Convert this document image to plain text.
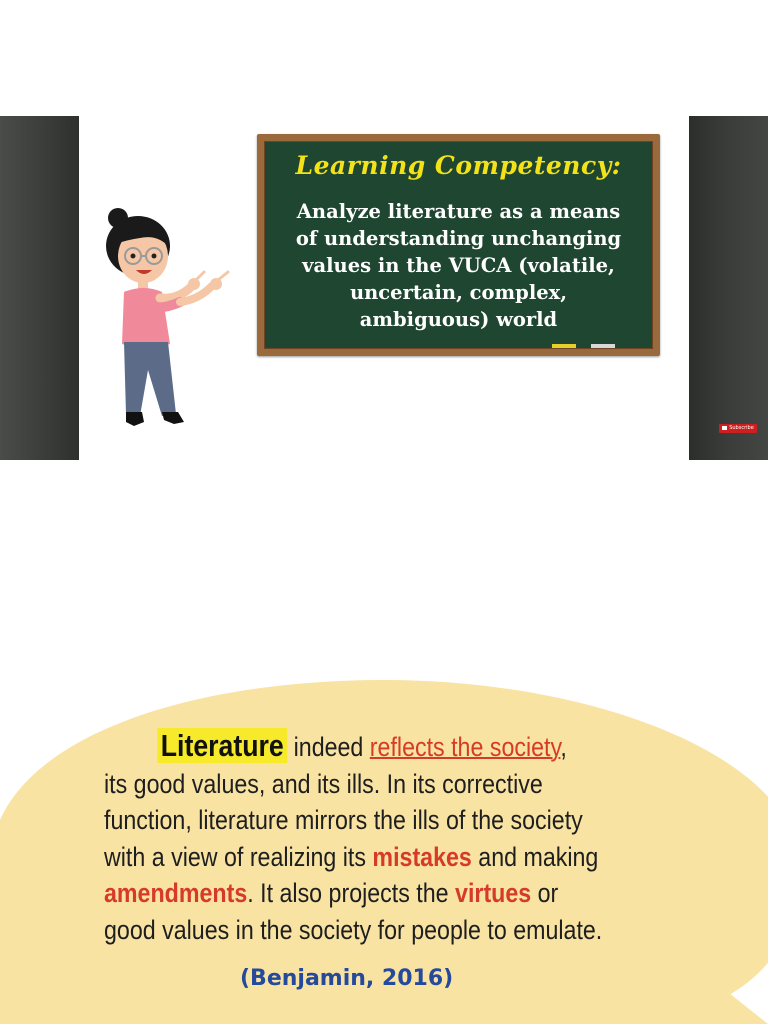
Subscribe
Learning Competency:
Analyze literature as a means
of understanding unchanging
values in the VUCA (volatile,
uncertain, complex,
ambiguous) world
Literature indeed reflects the society,
its good values, and its ills. In its corrective
function, literature mirrors the ills of the society
with a view of realizing its mistakes and making
amendments. It also projects the virtues or
good values in the society for people to emulate.
(Benjamin, 2016)
